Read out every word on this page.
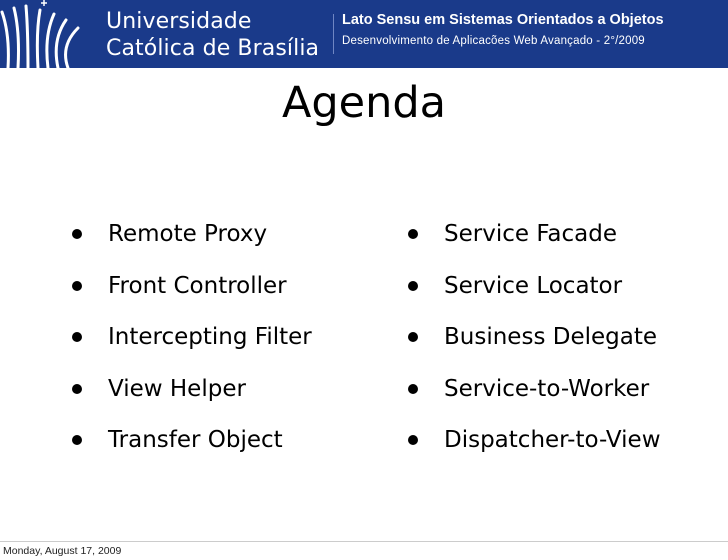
Universidade
Católica de Brasília
Lato Sensu em Sistemas Orientados a Objetos
Desenvolvimento de Aplicacões Web Avançado - 2°/2009
Agenda
Remote Proxy
Front Controller
Intercepting Filter
View Helper
Transfer Object
Service Facade
Service Locator
Business Delegate
Service-to-Worker
Dispatcher-to-View
Monday, August 17, 2009
